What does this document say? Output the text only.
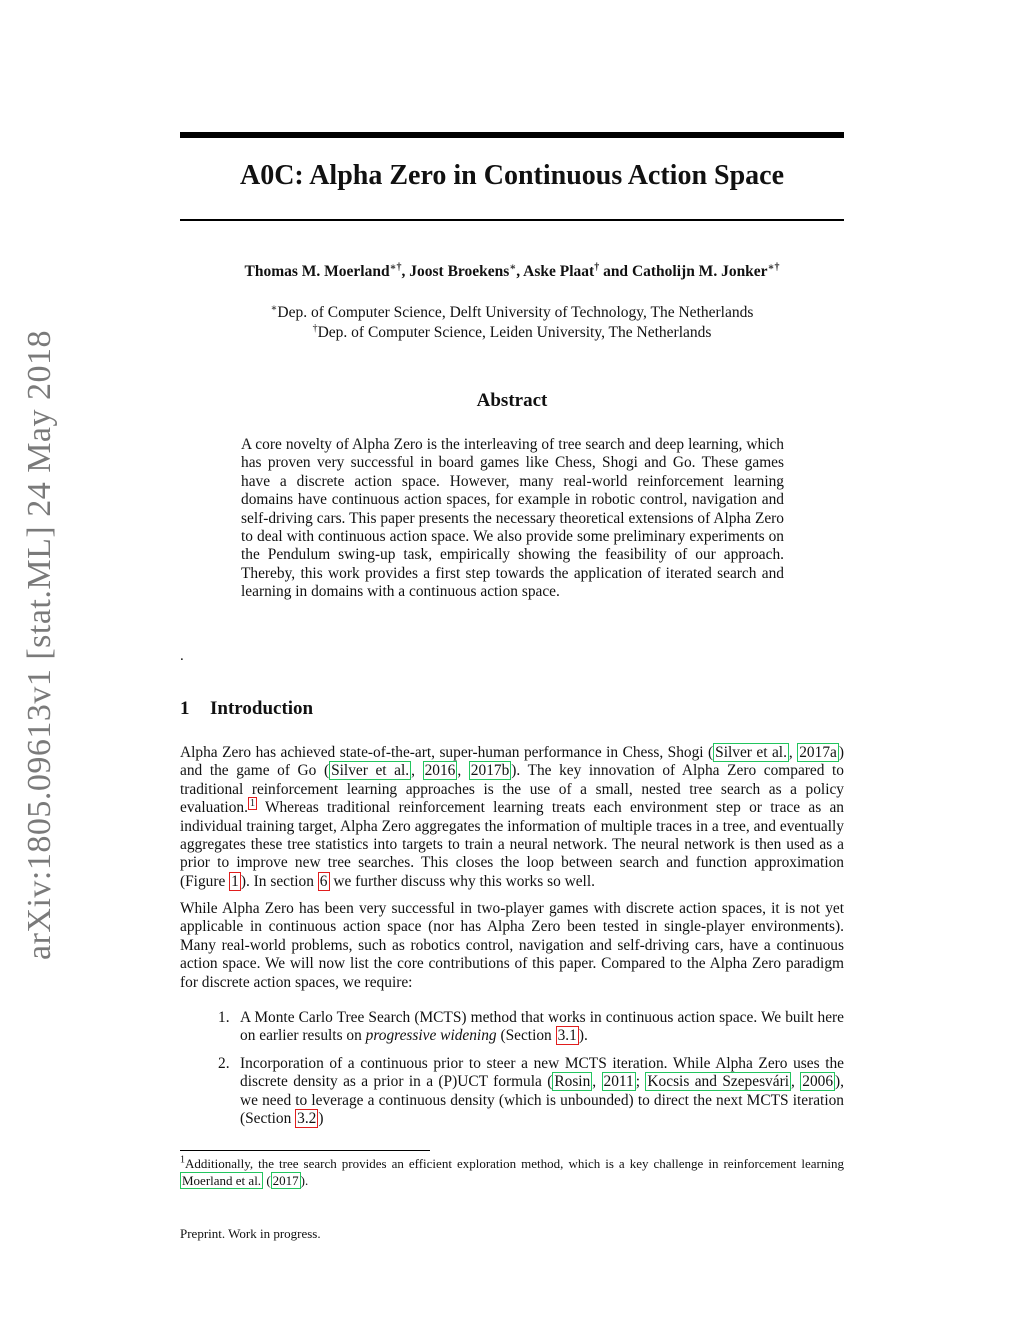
arXiv:1805.09613v1 [stat.ML] 24 May 2018
A0C: Alpha Zero in Continuous Action Space
Thomas M. Moerland∗†, Joost Broekens∗, Aske Plaat† and Catholijn M. Jonker∗†
∗Dep. of Computer Science, Delft University of Technology, The Netherlands
†Dep. of Computer Science, Leiden University, The Netherlands
Abstract
A core novelty of Alpha Zero is the interleaving of tree search and deep learning, which has proven very successful in board games like Chess, Shogi and Go. These games have a discrete action space. However, many real-world reinforcement learning domains have continuous action spaces, for example in robotic control, navigation and self-driving cars. This paper presents the necessary theoretical extensions of Alpha Zero to deal with continuous action space. We also provide some preliminary experiments on the Pendulum swing-up task, empirically showing the feasibility of our approach. Thereby, this work provides a first step towards the application of iterated search and learning in domains with a continuous action space.
.
1 Introduction
Alpha Zero has achieved state-of-the-art, super-human performance in Chess, Shogi ( Silver et al. , 2017a ) and the game of Go ( Silver et al. , 2016 , 2017b ). The key innovation of Alpha Zero compared to traditional reinforcement learning approaches is the use of a small, nested tree search as a policy evaluation. $^1$ Whereas traditional reinforcement learning treats each environment step or trace as an individual training target, Alpha Zero aggregates the information of multiple traces in a tree, and eventually aggregates these tree statistics into targets to train a neural network. The neural network is then used as a prior to improve new tree searches. This closes the loop between search and function approximation (Figure 1 ). In section 6 we further discuss why this works so well.
While Alpha Zero has been very successful in two-player games with discrete action spaces, it is not yet applicable in continuous action space (nor has Alpha Zero been tested in single-player environments). Many real-world problems, such as robotics control, navigation and self-driving cars, have a continuous action space. We will now list the core contributions of this paper. Compared to the Alpha Zero paradigm for discrete action spaces, we require:
1. A Monte Carlo Tree Search (MCTS) method that works in continuous action space. We built here on earlier results on progressive widening (Section 3.1 ).
2. Incorporation of a continuous prior to steer a new MCTS iteration. While Alpha Zero uses the discrete density as a prior in a (P)UCT formula ( Rosin , 2011 ; Kocsis and Szepesvári , 2006 ), we need to leverage a continuous density (which is unbounded) to direct the next MCTS iteration (Section 3.2 )
$^1$Additionally, the tree search provides an efficient exploration method, which is a key challenge in reinforcement learning Moerland et al. ( 2017 ).
Preprint. Work in progress.
